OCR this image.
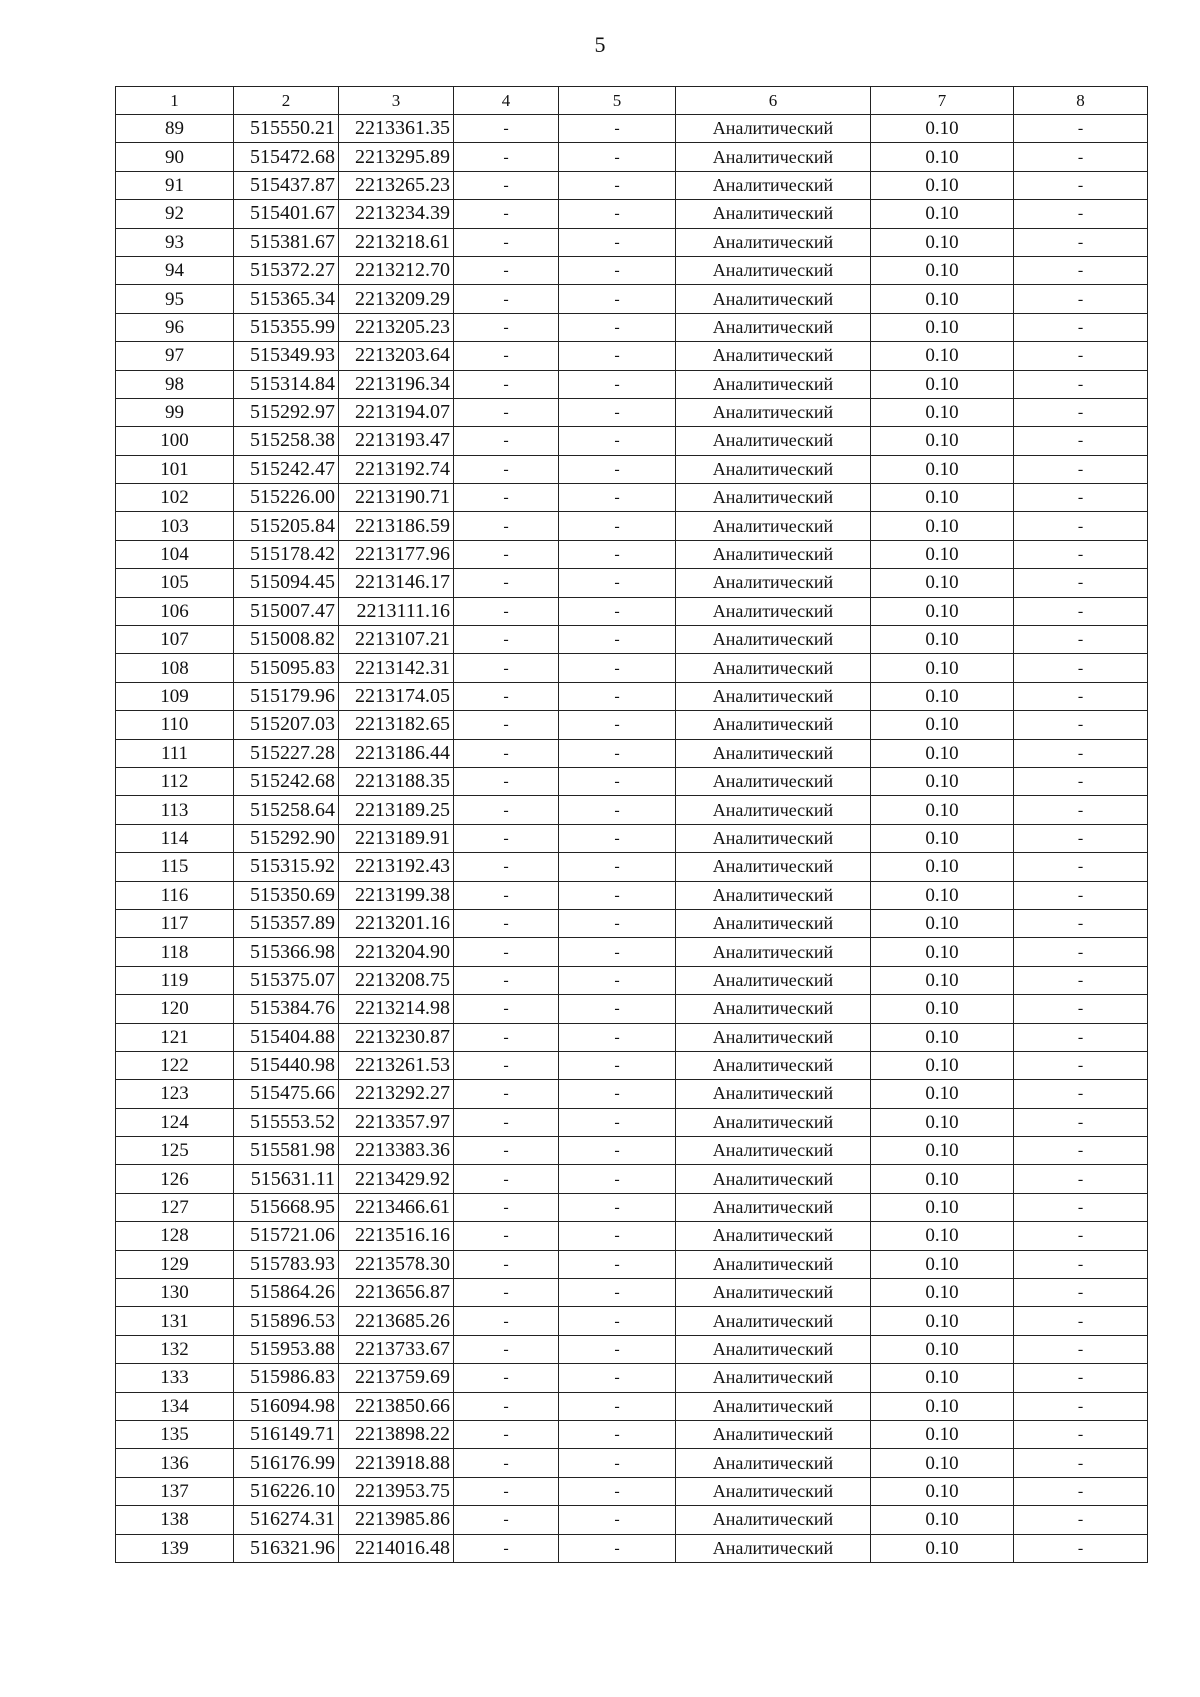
5
1	2	3	4	5	6	7	8
89	515550.21	2213361.35	-	-	Аналитический	0.10	-
90	515472.68	2213295.89	-	-	Аналитический	0.10	-
91	515437.87	2213265.23	-	-	Аналитический	0.10	-
92	515401.67	2213234.39	-	-	Аналитический	0.10	-
93	515381.67	2213218.61	-	-	Аналитический	0.10	-
94	515372.27	2213212.70	-	-	Аналитический	0.10	-
95	515365.34	2213209.29	-	-	Аналитический	0.10	-
96	515355.99	2213205.23	-	-	Аналитический	0.10	-
97	515349.93	2213203.64	-	-	Аналитический	0.10	-
98	515314.84	2213196.34	-	-	Аналитический	0.10	-
99	515292.97	2213194.07	-	-	Аналитический	0.10	-
100	515258.38	2213193.47	-	-	Аналитический	0.10	-
101	515242.47	2213192.74	-	-	Аналитический	0.10	-
102	515226.00	2213190.71	-	-	Аналитический	0.10	-
103	515205.84	2213186.59	-	-	Аналитический	0.10	-
104	515178.42	2213177.96	-	-	Аналитический	0.10	-
105	515094.45	2213146.17	-	-	Аналитический	0.10	-
106	515007.47	2213111.16	-	-	Аналитический	0.10	-
107	515008.82	2213107.21	-	-	Аналитический	0.10	-
108	515095.83	2213142.31	-	-	Аналитический	0.10	-
109	515179.96	2213174.05	-	-	Аналитический	0.10	-
110	515207.03	2213182.65	-	-	Аналитический	0.10	-
111	515227.28	2213186.44	-	-	Аналитический	0.10	-
112	515242.68	2213188.35	-	-	Аналитический	0.10	-
113	515258.64	2213189.25	-	-	Аналитический	0.10	-
114	515292.90	2213189.91	-	-	Аналитический	0.10	-
115	515315.92	2213192.43	-	-	Аналитический	0.10	-
116	515350.69	2213199.38	-	-	Аналитический	0.10	-
117	515357.89	2213201.16	-	-	Аналитический	0.10	-
118	515366.98	2213204.90	-	-	Аналитический	0.10	-
119	515375.07	2213208.75	-	-	Аналитический	0.10	-
120	515384.76	2213214.98	-	-	Аналитический	0.10	-
121	515404.88	2213230.87	-	-	Аналитический	0.10	-
122	515440.98	2213261.53	-	-	Аналитический	0.10	-
123	515475.66	2213292.27	-	-	Аналитический	0.10	-
124	515553.52	2213357.97	-	-	Аналитический	0.10	-
125	515581.98	2213383.36	-	-	Аналитический	0.10	-
126	515631.11	2213429.92	-	-	Аналитический	0.10	-
127	515668.95	2213466.61	-	-	Аналитический	0.10	-
128	515721.06	2213516.16	-	-	Аналитический	0.10	-
129	515783.93	2213578.30	-	-	Аналитический	0.10	-
130	515864.26	2213656.87	-	-	Аналитический	0.10	-
131	515896.53	2213685.26	-	-	Аналитический	0.10	-
132	515953.88	2213733.67	-	-	Аналитический	0.10	-
133	515986.83	2213759.69	-	-	Аналитический	0.10	-
134	516094.98	2213850.66	-	-	Аналитический	0.10	-
135	516149.71	2213898.22	-	-	Аналитический	0.10	-
136	516176.99	2213918.88	-	-	Аналитический	0.10	-
137	516226.10	2213953.75	-	-	Аналитический	0.10	-
138	516274.31	2213985.86	-	-	Аналитический	0.10	-
139	516321.96	2214016.48	-	-	Аналитический	0.10	-
